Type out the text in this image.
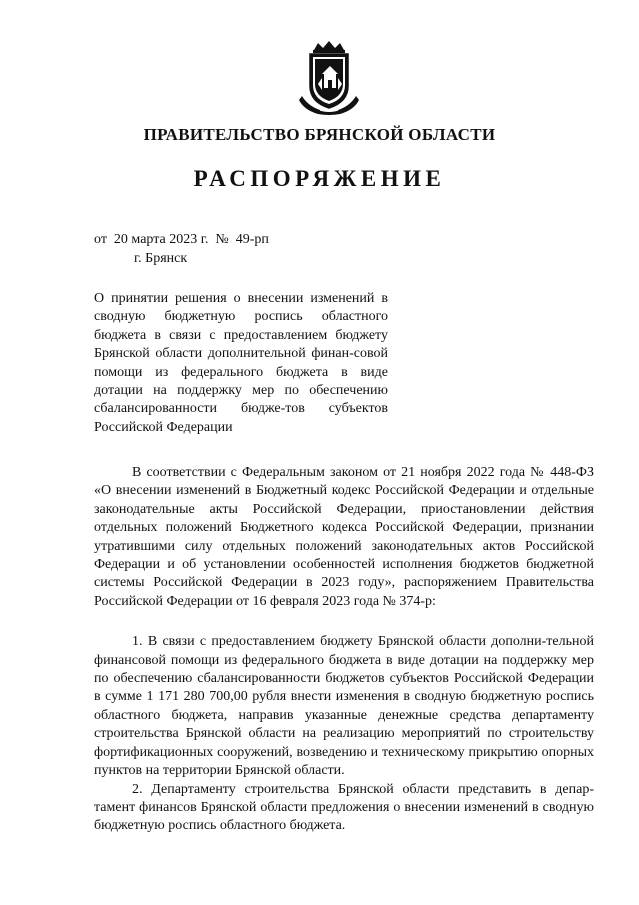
ПРАВИТЕЛЬСТВО БРЯНСКОЙ ОБЛАСТИ
РАСПОРЯЖЕНИЕ
от  20 марта 2023 г.  №  49-рп
г. Брянск
О принятии решения о внесении изменений в сводную бюджетную роспись областного бюджета в связи с предоставлением бюджету Брянской области дополнительной финан-совой помощи из федерального бюджета в виде дотации на поддержку мер по обеспечению сбалансированности бюдже-тов субъектов Российской Федерации

В соответствии с Федеральным законом от 21 ноября 2022 года № 448-ФЗ «О внесении изменений в Бюджетный кодекс Российской Федерации и отдельные законодательные акты Российской Федерации, приостановлении действия отдельных положений Бюджетного кодекса Российской Федерации, признании утратившими силу отдельных положений законодательных актов Российской Федерации и об установлении особенностей исполнения бюджетов бюджетной системы Российской Федерации в 2023 году», распоряжением Правительства Российской Федерации от 16 февраля 2023 года № 374-р:

1. В связи с предоставлением бюджету Брянской области дополни-тельной финансовой помощи из федерального бюджета в виде дотации на поддержку мер по обеспечению сбалансированности бюджетов субъектов Российской Федерации в сумме 1 171 280 700,00 рубля внести изменения в сводную бюджетную роспись областного бюджета, направив указанные денежные средства департаменту строительства Брянской области на реализацию мероприятий по строительству фортификационных сооружений, возведению и техническому прикрытию опорных пунктов на территории Брянской области.

2. Департаменту строительства Брянской области представить в депар-тамент финансов Брянской области предложения о внесении изменений в сводную бюджетную роспись областного бюджета.
